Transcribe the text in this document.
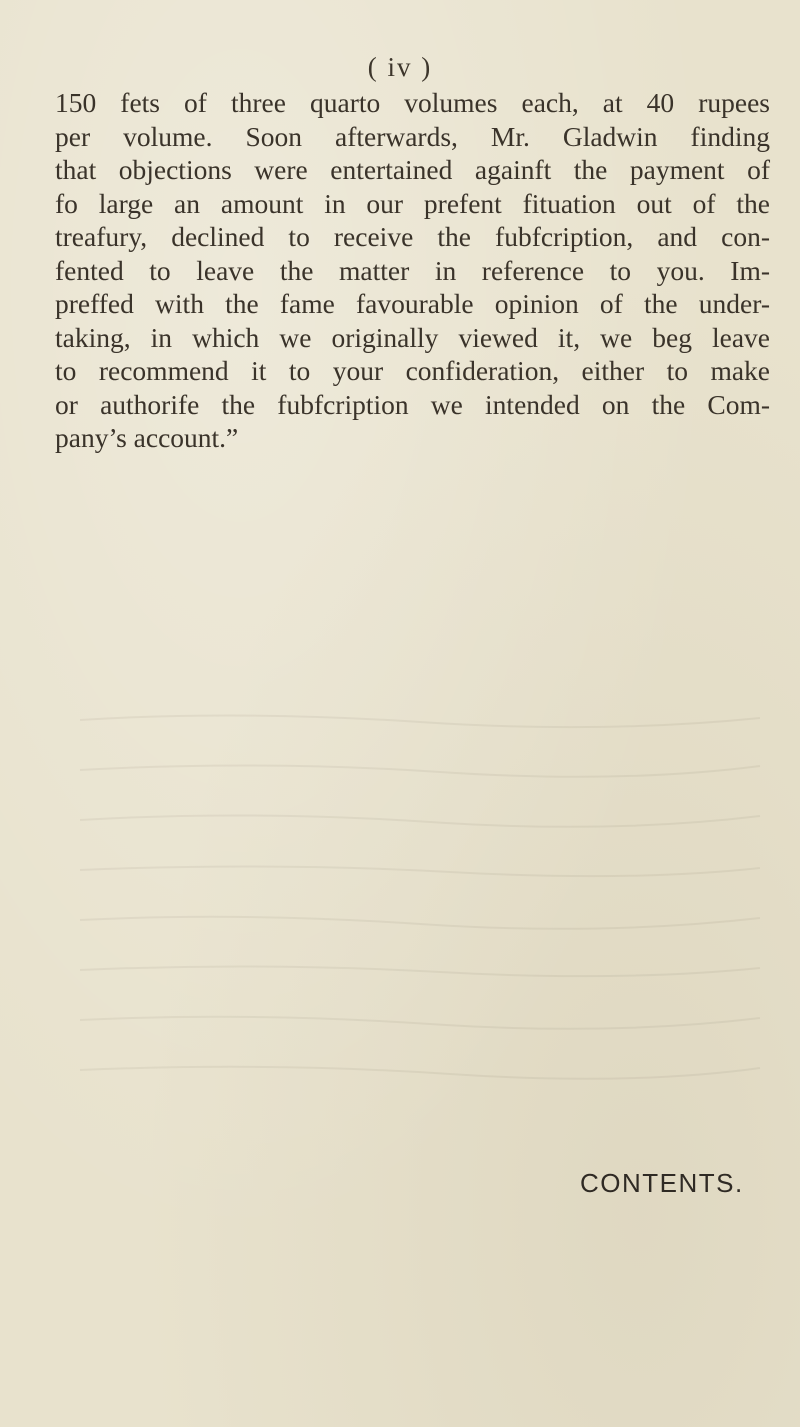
( iv )

150 fets of three quarto volumes each, at 40 rupees
per volume. Soon afterwards, Mr. Gladwin finding
that objections were entertained againft the payment of
fo large an amount in our prefent fituation out of the
treafury, declined to receive the fubfcription, and con-
fented to leave the matter in reference to you. Im-
preffed with the fame favourable opinion of the under-
taking, in which we originally viewed it, we beg leave
to recommend it to your confideration, either to make
or authorife the fubfcription we intended on the Com-
pany’s account.”

CONTENTS.
